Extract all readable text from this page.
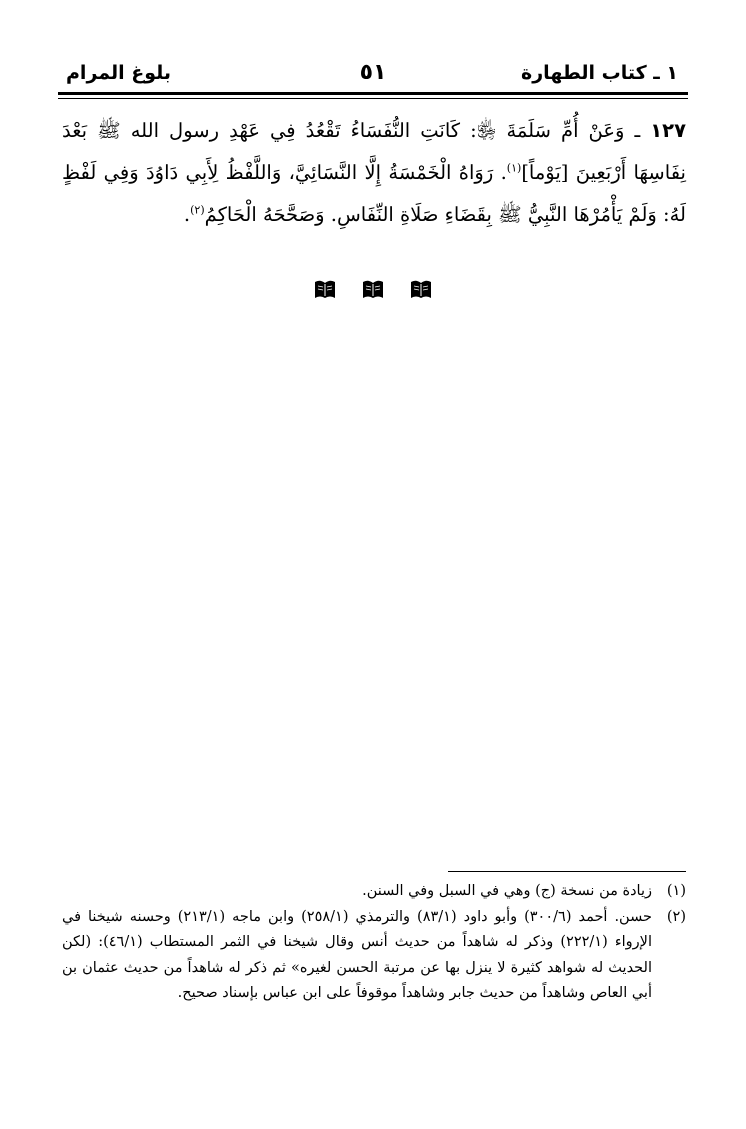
١ ـ كتاب الطهارة
٥١
بلوغ المرام

١٢٧ ـ وَعَنْ أُمِّ سَلَمَةَ ﵂: كَانَتِ النُّفَسَاءُ تَقْعُدُ فِي عَهْدِ رسول الله ﷺ بَعْدَ نِفَاسِهَا أَرْبَعِينَ [يَوْماً]$^{(١)}$. رَوَاهُ الْخَمْسَةُ إِلَّا النَّسَائِيَّ، وَاللَّفْظُ لِأَبِي دَاوُدَ وَفِي لَفْظٍ لَهُ: وَلَمْ يَأْمُرْهَا النَّبِيُّ ﷺ بِقَضَاءِ صَلَاةِ النِّفَاسِ. وَصَحَّحَهُ الْحَاكِمُ$^{(٢)}$.

(١)
زيادة من نسخة (ج) وهي في السبل وفي السنن.
(٢)
حسن. أحمد (٣٠٠/٦) وأبو داود (٨٣/١) والترمذي (٢٥٨/١) وابن ماجه (٢١٣/١) وحسنه شيخنا في الإرواء (٢٢٢/١) وذكر له شاهداً من حديث أنس وقال شيخنا في الثمر المستطاب (٤٦/١): (لكن الحديث له شواهد كثيرة لا ينزل بها عن مرتبة الحسن لغيره» ثم ذكر له شاهداً من حديث عثمان بن أبي العاص وشاهداً من حديث جابر وشاهداً موقوفاً على ابن عباس بإسناد صحيح.
